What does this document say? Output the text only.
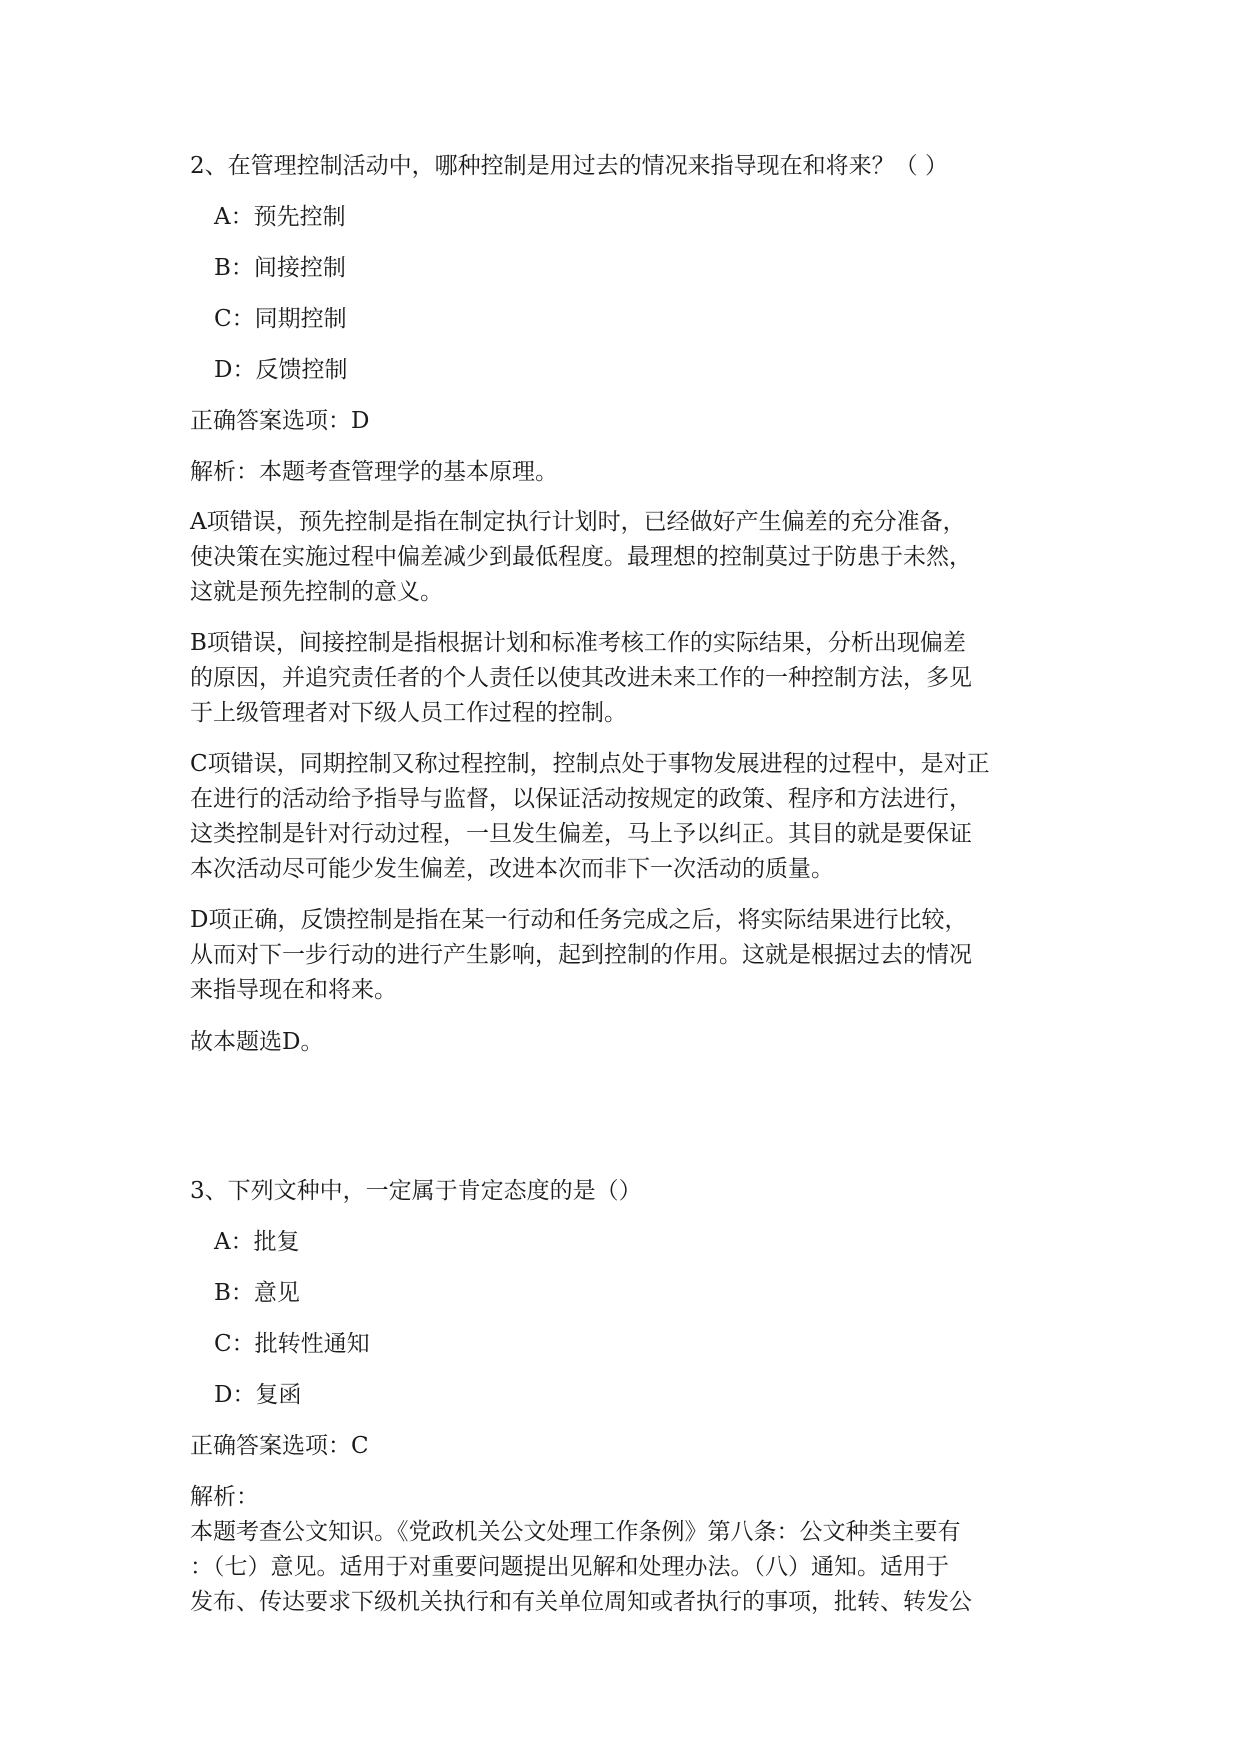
2、在管理控制活动中，哪种控制是用过去的情况来指导现在和将来？（ ）

A：预先控制
B：间接控制
C：同期控制
D：反馈控制

正确答案选项：D

解析：本题考查管理学的基本原理。

A项错误，预先控制是指在制定执行计划时，已经做好产生偏差的充分准备，
使决策在实施过程中偏差减少到最低程度。最理想的控制莫过于防患于未然，
这就是预先控制的意义。

B项错误，间接控制是指根据计划和标准考核工作的实际结果，分析出现偏差
的原因，并追究责任者的个人责任以使其改进未来工作的一种控制方法，多见
于上级管理者对下级人员工作过程的控制。

C项错误，同期控制又称过程控制，控制点处于事物发展进程的过程中，是对正
在进行的活动给予指导与监督，以保证活动按规定的政策、程序和方法进行，
这类控制是针对行动过程，一旦发生偏差，马上予以纠正。其目的就是要保证
本次活动尽可能少发生偏差，改进本次而非下一次活动的质量。

D项正确，反馈控制是指在某一行动和任务完成之后，将实际结果进行比较，
从而对下一步行动的进行产生影响，起到控制的作用。这就是根据过去的情况
来指导现在和将来。

故本题选D。

3、下列文种中，一定属于肯定态度的是（）

A：批复
B：意见
C：批转性通知
D：复函

正确答案选项：C

解析：

本题考查公文知识。《党政机关公文处理工作条例》第八条：公文种类主要有
：（七）意见。适用于对重要问题提出见解和处理办法。（八）通知。适用于
发布、传达要求下级机关执行和有关单位周知或者执行的事项，批转、转发公
